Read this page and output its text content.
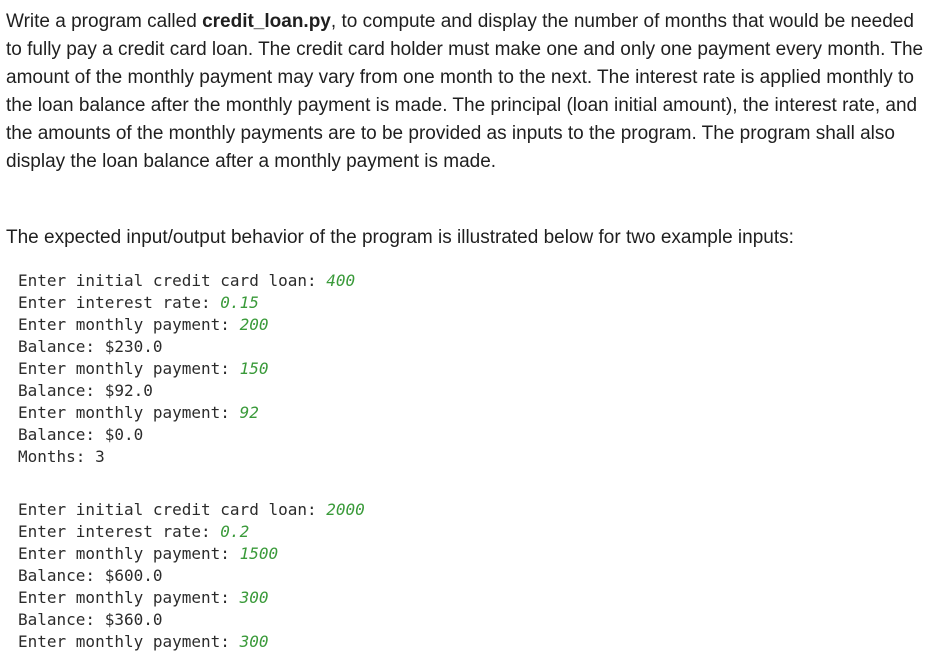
Write a program called credit_loan.py, to compute and display the number of months that would be needed to fully pay a credit card loan. The credit card holder must make one and only one payment every month. The amount of the monthly payment may vary from one month to the next. The interest rate is applied monthly to the loan balance after the monthly payment is made. The principal (loan initial amount), the interest rate, and the amounts of the monthly payments are to be provided as inputs to the program. The program shall also display the loan balance after a monthly payment is made.

The expected input/output behavior of the program is illustrated below for two example inputs:

Enter initial credit card loan: 400
Enter interest rate: 0.15
Enter monthly payment: 200
Balance: $230.0
Enter monthly payment: 150
Balance: $92.0
Enter monthly payment: 92
Balance: $0.0
Months: 3
Enter initial credit card loan: 2000
Enter interest rate: 0.2
Enter monthly payment: 1500
Balance: $600.0
Enter monthly payment: 300
Balance: $360.0
Enter monthly payment: 300
